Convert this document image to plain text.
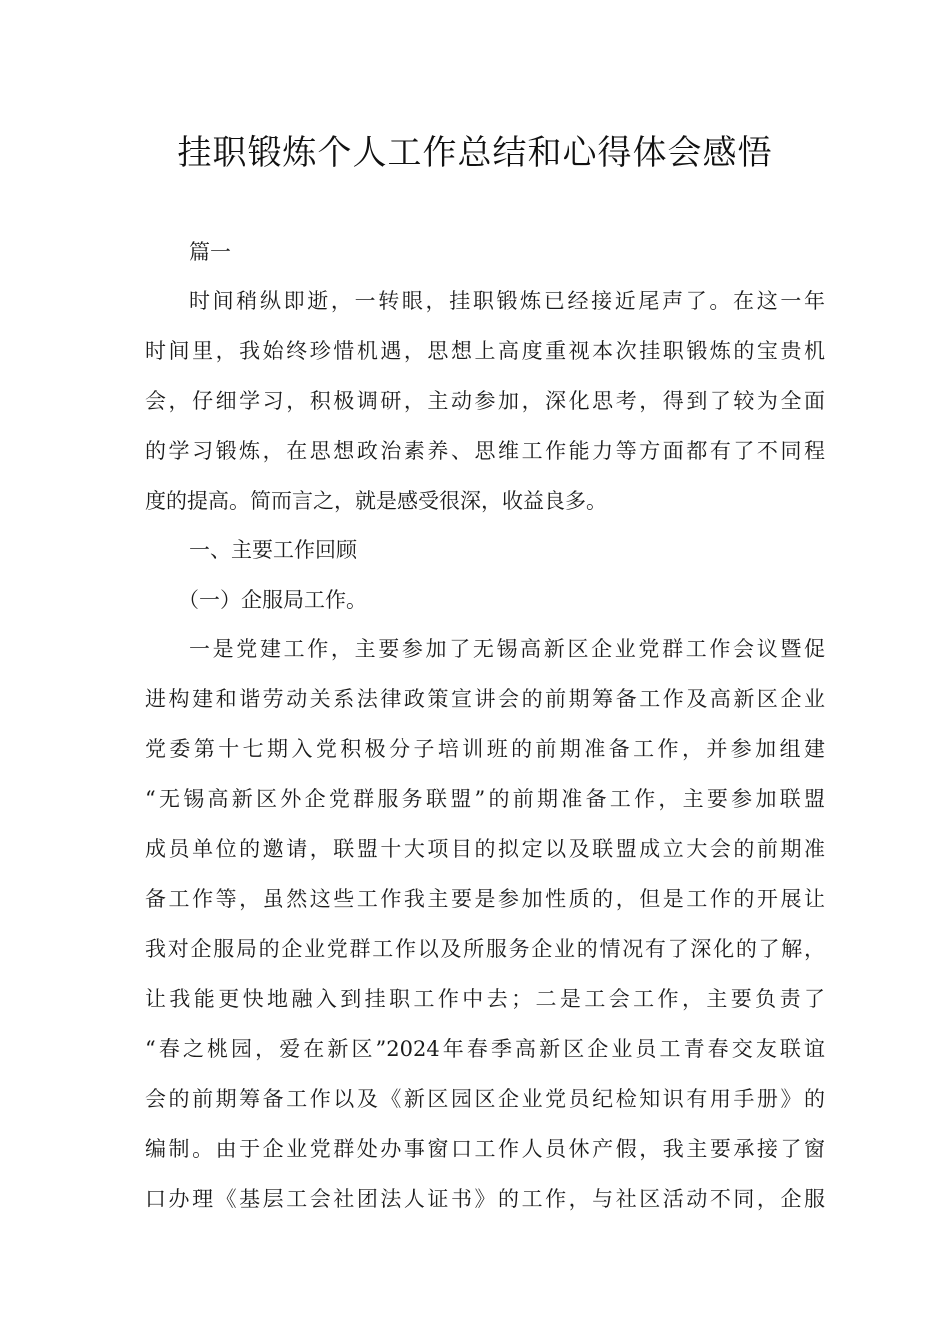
挂职锻炼个人工作总结和心得体会感悟
篇一
时间稍纵即逝，一转眼，挂职锻炼已经接近尾声了。在这一年
时间里，我始终珍惜机遇，思想上高度重视本次挂职锻炼的宝贵机
会，仔细学习，积极调研，主动参加，深化思考，得到了较为全面
的学习锻炼，在思想政治素养、思维工作能力等方面都有了不同程
度的提高。简而言之，就是感受很深，收益良多。
一、主要工作回顾
（一）企服局工作。
一是党建工作，主要参加了无锡高新区企业党群工作会议暨促
进构建和谐劳动关系法律政策宣讲会的前期筹备工作及高新区企业
党委第十七期入党积极分子培训班的前期准备工作，并参加组建
“无锡高新区外企党群服务联盟”的前期准备工作，主要参加联盟
成员单位的邀请，联盟十大项目的拟定以及联盟成立大会的前期准
备工作等，虽然这些工作我主要是参加性质的，但是工作的开展让
我对企服局的企业党群工作以及所服务企业的情况有了深化的了解，
让我能更快地融入到挂职工作中去；二是工会工作，主要负责了
“春之桃园，爱在新区”2024年春季高新区企业员工青春交友联谊
会的前期筹备工作以及《新区园区企业党员纪检知识有用手册》的
编制。由于企业党群处办事窗口工作人员休产假，我主要承接了窗
口办理《基层工会社团法人证书》的工作，与社区活动不同，企服
